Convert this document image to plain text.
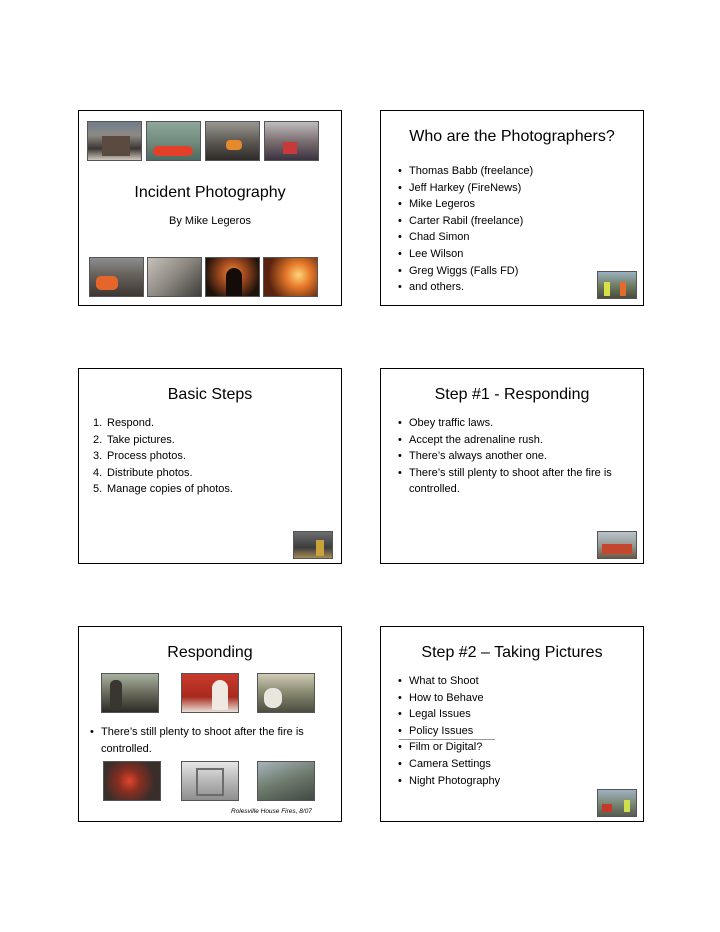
Incident Photography
By Mike Legeros
Who are the Photographers?
• Thomas Babb (freelance)
• Jeff Harkey (FireNews)
• Mike Legeros
• Carter Rabil (freelance)
• Chad Simon
• Lee Wilson
• Greg Wiggs (Falls FD)
• and others.
Basic Steps
1. Respond.
2. Take pictures.
3. Process photos.
4. Distribute photos.
5. Manage copies of photos.
Step #1 - Responding
• Obey traffic laws.
• Accept the adrenaline rush.
• There’s always another one.
• There’s still plenty to shoot after the fire is
controlled.
Responding
• There’s still plenty to shoot after the fire is
controlled.
Rolesville House Fires, 8/07
Step #2 – Taking Pictures
• What to Shoot
• How to Behave
• Legal Issues
• Policy Issues
• Film or Digital?
• Camera Settings
• Night Photography
